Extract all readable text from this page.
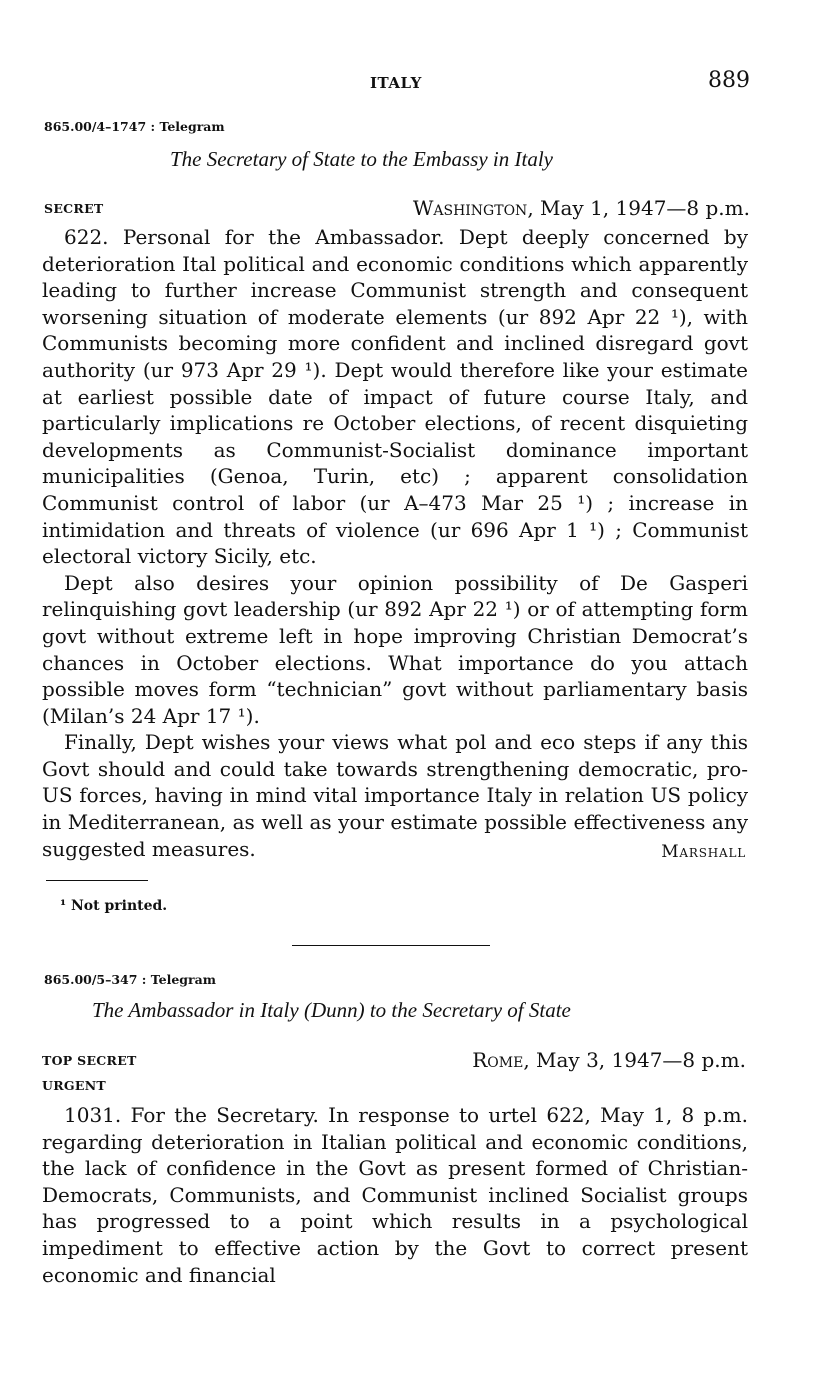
ITALY	889
865.00/4–1747 : Telegram
The Secretary of State to the Embassy in Italy
SECRET	Washington, May 1, 1947—8 p.m.

622. Personal for the Ambassador. Dept deeply concerned by deterioration Ital political and economic conditions which apparently leading to further increase Communist strength and consequent worsening situation of moderate elements (ur 892 Apr 22 ¹), with Communists becoming more confident and inclined disregard govt authority (ur 973 Apr 29 ¹). Dept would therefore like your estimate at earliest possible date of impact of future course Italy, and particularly implications re October elections, of recent disquieting developments as Communist-Socialist dominance important municipalities (Genoa, Turin, etc) ; apparent consolidation Communist control of labor (ur A–473 Mar 25 ¹) ; increase in intimidation and threats of violence (ur 696 Apr 1 ¹) ; Communist electoral victory Sicily, etc.

Dept also desires your opinion possibility of De Gasperi relinquishing govt leadership (ur 892 Apr 22 ¹) or of attempting form govt without extreme left in hope improving Christian Democrat’s chances in October elections. What importance do you attach possible moves form “technician” govt without parliamentary basis (Milan’s 24 Apr 17 ¹).

Finally, Dept wishes your views what pol and eco steps if any this Govt should and could take towards strengthening democratic, pro-US forces, having in mind vital importance Italy in relation US policy in Mediterranean, as well as your estimate possible effectiveness any suggested measures.	Marshall
¹ Not printed.
865.00/5–347 : Telegram
The Ambassador in Italy (Dunn) to the Secretary of State
TOP SECRET
URGENT
Rome, May 3, 1947—8 p.m.

1031. For the Secretary. In response to urtel 622, May 1, 8 p.m. regarding deterioration in Italian political and economic conditions, the lack of confidence in the Govt as present formed of Christian-Democrats, Communists, and Communist inclined Socialist groups has progressed to a point which results in a psychological impediment to effective action by the Govt to correct present economic and financial
